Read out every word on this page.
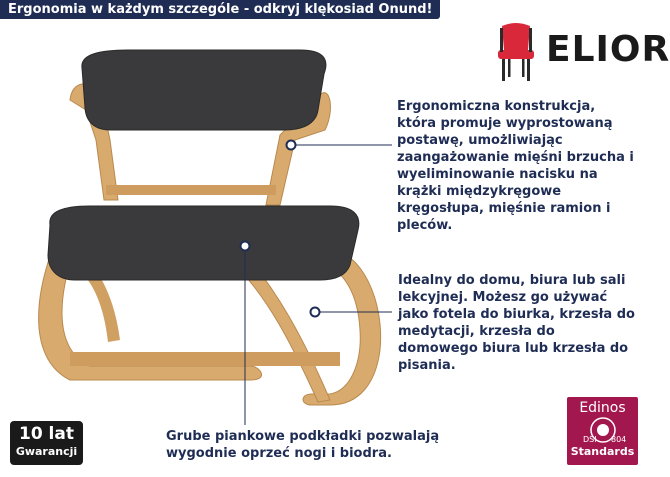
Ergonomia w każdym szczególe - odkryj klękosiad Onund!
ELIOR
Ergonomiczna konstrukcja, która promuje wyprostowaną postawę, umożliwiając zaangażowanie mięśni brzucha i wyeliminowanie nacisku na krążki międzykręgowe kręgosłupa, mięśnie ramion i pleców.
Idealny do domu, biura lub sali lekcyjnej. Możesz go używać jako fotela do biurka, krzesła do medytacji, krzesła do domowego biura lub krzesła do pisania.
Grube piankowe podkładki pozwalają wygodnie oprzeć nogi i biodra.
10 lat
Gwarancji
Edinos
DSI 804
Standards
